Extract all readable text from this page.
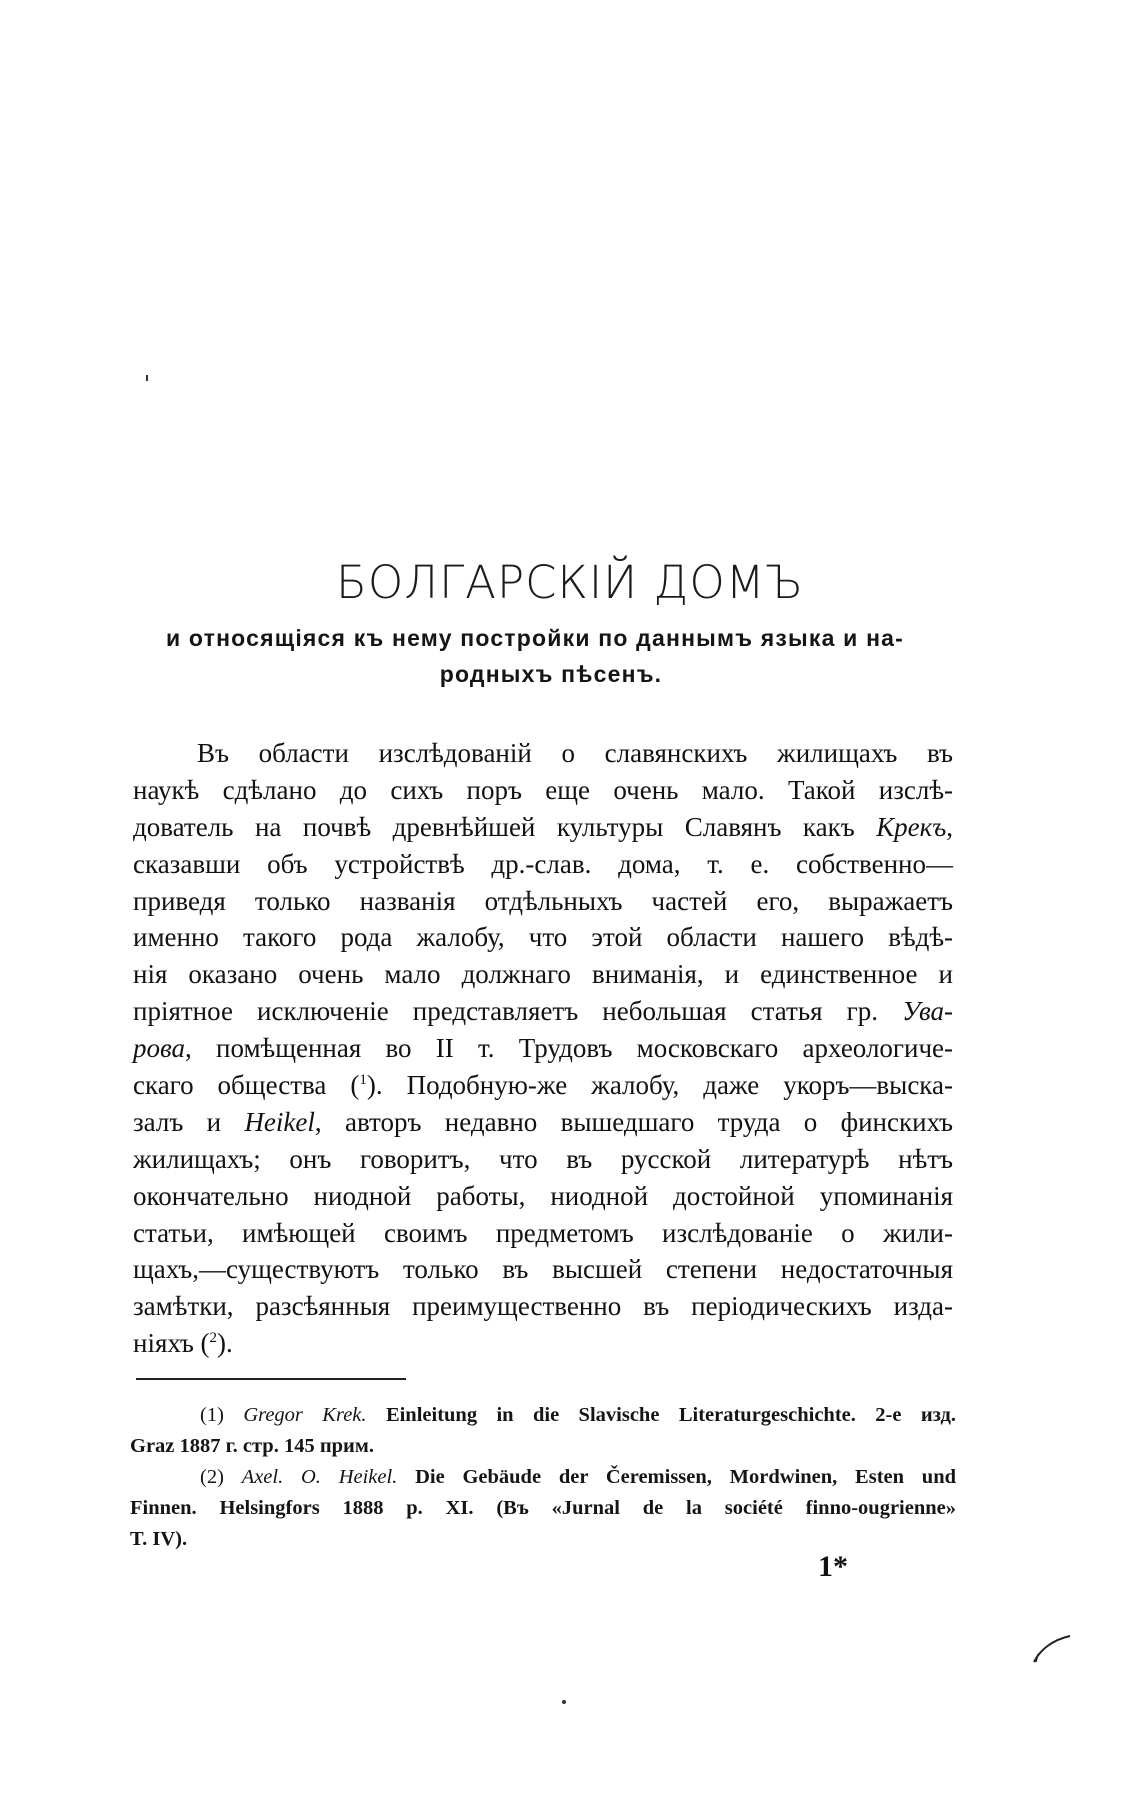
БОЛГАРСКІЙ ДОМЪ
и относящіяся къ нему постройки по даннымъ языка и на-
родныхъ пѣсенъ.
Въ области изслѣдованій о славянскихъ жилищахъ въ
наукѣ сдѣлано до сихъ поръ еще очень мало. Такой изслѣ-
дователь на почвѣ древнѣйшей культуры Славянъ какъ Крекъ,
сказавши объ устройствѣ др.-слав. дома, т. е. собственно—
приведя только названія отдѣльныхъ частей его, выражаетъ
именно такого рода жалобу, что этой области нашего вѣдѣ-
нія оказано очень мало должнаго вниманія, и единственное и
пріятное исключеніе представляетъ небольшая статья гр. Ува-
рова, помѣщенная во II т. Трудовъ московскаго археологиче-
скаго общества ($^1$). Подобную-же жалобу, даже укоръ—выска-
залъ и Heikel, авторъ недавно вышедшаго труда о финскихъ
жилищахъ; онъ говоритъ, что въ русской литературѣ нѣтъ
окончательно ниодной работы, ниодной достойной упоминанія
статьи, имѣющей своимъ предметомъ изслѣдованіе о жили-
щахъ,—существуютъ только въ высшей степени недостаточныя
замѣтки, разсѣянныя преимущественно въ періодическихъ изда-
ніяхъ ($^2$).
(1) Gregor Krek. Einleitung in die Slavische Literaturgeschichte. 2-е изд.
Graz 1887 г. стр. 145 прим.
(2) Axel. O. Heikel. Die Gebäude der Čeremissen, Mordwinen, Esten und
Finnen. Helsingfors 1888 p. XI. (Въ «Jurnal de la société finno-ougrienne»
T. IV).
1*
